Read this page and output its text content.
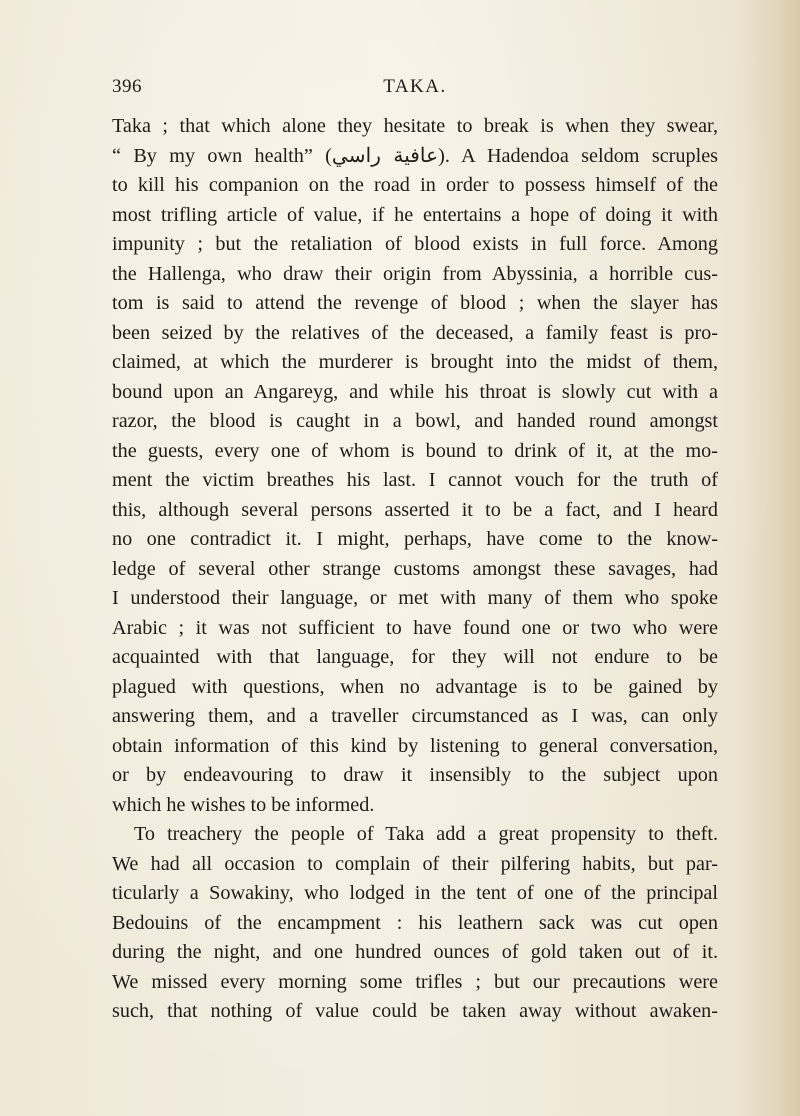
396	TAKA.
Taka ; that which alone they hesitate to break is when they swear,
“ By my own health” (عافية راسي). A Hadendoa seldom scruples
to kill his companion on the road in order to possess himself of the
most trifling article of value, if he entertains a hope of doing it with
impunity ; but the retaliation of blood exists in full force. Among
the Hallenga, who draw their origin from Abyssinia, a horrible cus-
tom is said to attend the revenge of blood ; when the slayer has
been seized by the relatives of the deceased, a family feast is pro-
claimed, at which the murderer is brought into the midst of them,
bound upon an Angareyg, and while his throat is slowly cut with a
razor, the blood is caught in a bowl, and handed round amongst
the guests, every one of whom is bound to drink of it, at the mo-
ment the victim breathes his last. I cannot vouch for the truth of
this, although several persons asserted it to be a fact, and I heard
no one contradict it. I might, perhaps, have come to the know-
ledge of several other strange customs amongst these savages, had
I understood their language, or met with many of them who spoke
Arabic ; it was not sufficient to have found one or two who were
acquainted with that language, for they will not endure to be
plagued with questions, when no advantage is to be gained by
answering them, and a traveller circumstanced as I was, can only
obtain information of this kind by listening to general conversation,
or by endeavouring to draw it insensibly to the subject upon
which he wishes to be informed.
To treachery the people of Taka add a great propensity to theft.
We had all occasion to complain of their pilfering habits, but par-
ticularly a Sowakiny, who lodged in the tent of one of the principal
Bedouins of the encampment : his leathern sack was cut open
during the night, and one hundred ounces of gold taken out of it.
We missed every morning some trifles ; but our precautions were
such, that nothing of value could be taken away without awaken-
